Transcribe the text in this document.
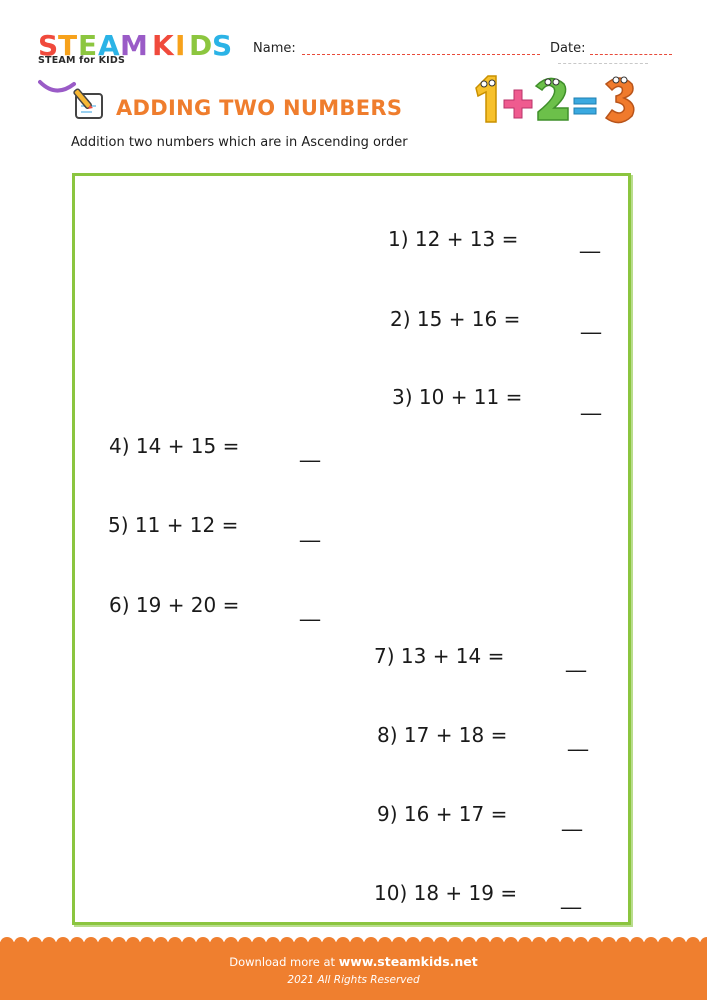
S T E A M K I D S
STEAM for KIDS
Name:	Date:
ADDING TWO NUMBERS
Addition two numbers which are in Ascending order
1) 12 + 13 =	__
2) 15 + 16 =	__
3) 10 + 11 =	__
4) 14 + 15 =	__
5) 11 + 12 =	__
6) 19 + 20 =	__
7) 13 + 14 =	__
8) 17 + 18 =	__
9) 16 + 17 =	__
10) 18 + 19 = __
Download more at www.steamkids.net
2021 All Rights Reserved
